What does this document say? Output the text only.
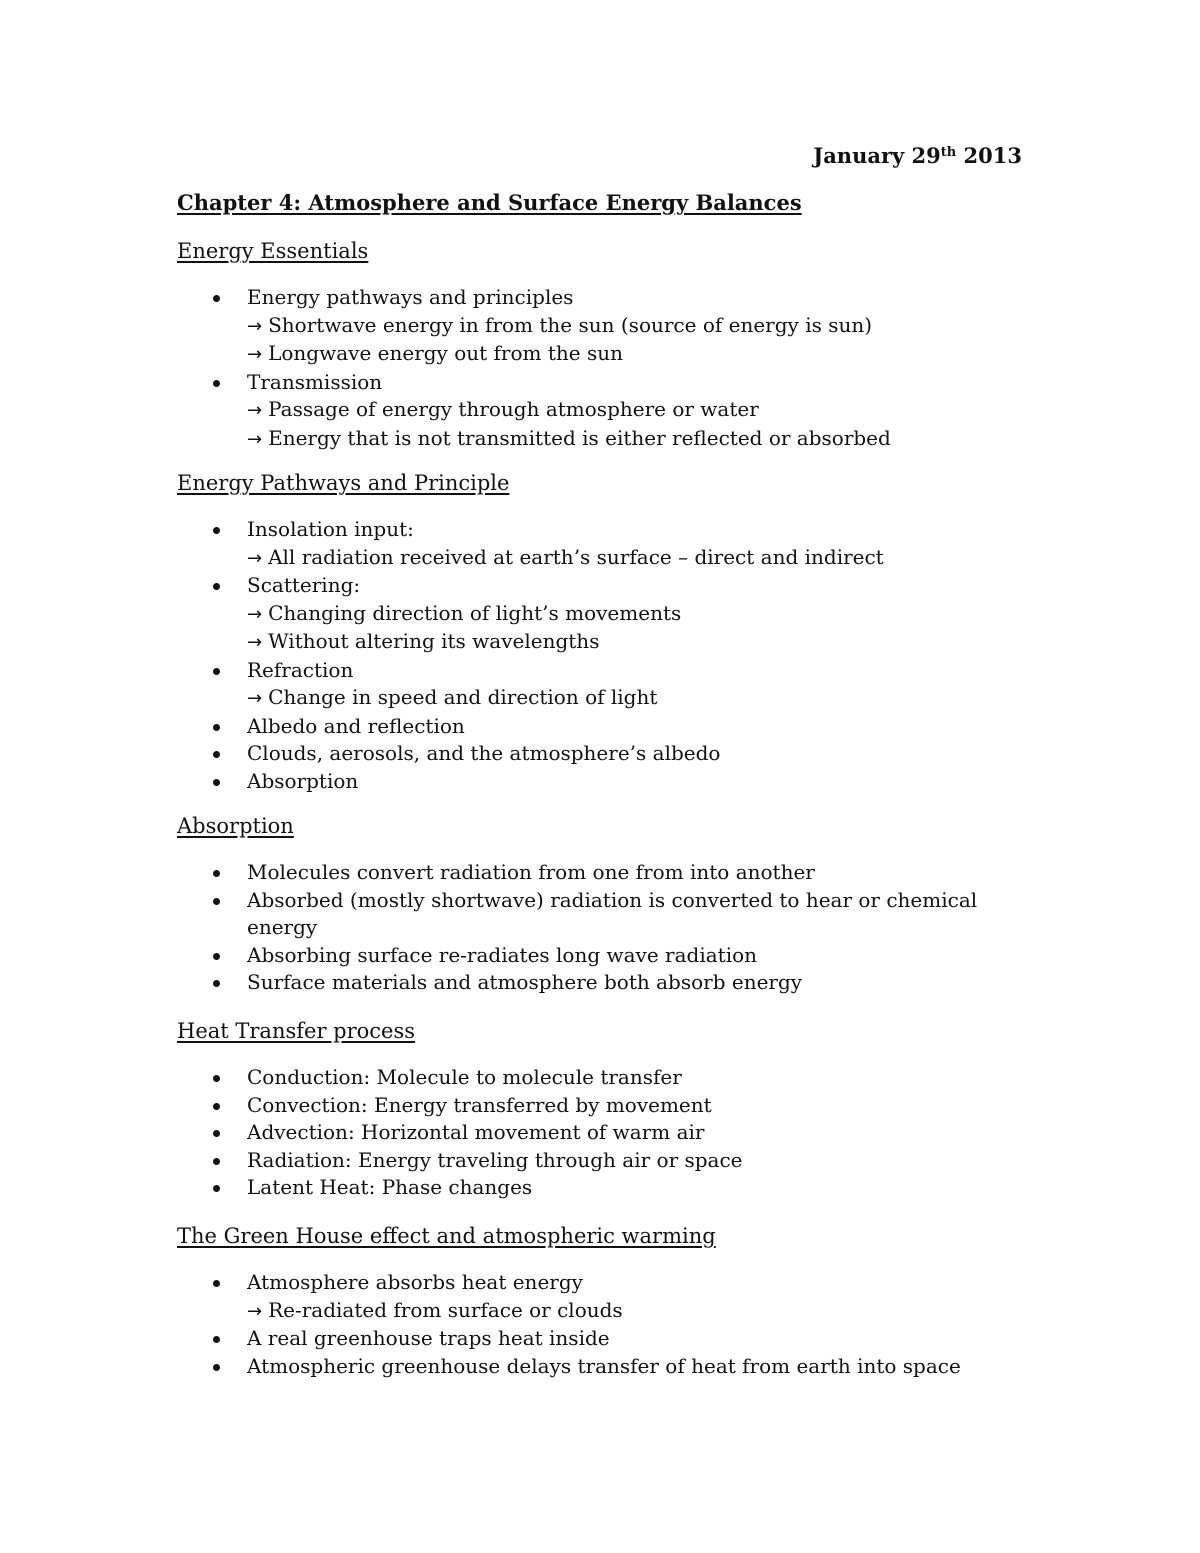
January 29th 2013
Chapter 4: Atmosphere and Surface Energy Balances
Energy Essentials
Energy pathways and principles
→ Shortwave energy in from the sun (source of energy is sun)
→ Longwave energy out from the sun
Transmission
→ Passage of energy through atmosphere or water
→ Energy that is not transmitted is either reflected or absorbed
Energy Pathways and Principle
Insolation input:
→ All radiation received at earth’s surface – direct and indirect
Scattering:
→ Changing direction of light’s movements
→ Without altering its wavelengths
Refraction
→ Change in speed and direction of light
Albedo and reflection
Clouds, aerosols, and the atmosphere’s albedo
Absorption
Absorption
Molecules convert radiation from one from into another
Absorbed (mostly shortwave) radiation is converted to hear or chemical energy
Absorbing surface re-radiates long wave radiation
Surface materials and atmosphere both absorb energy
Heat Transfer process
Conduction: Molecule to molecule transfer
Convection: Energy transferred by movement
Advection: Horizontal movement of warm air
Radiation: Energy traveling through air or space
Latent Heat: Phase changes
The Green House effect and atmospheric warming
Atmosphere absorbs heat energy
→ Re-radiated from surface or clouds
A real greenhouse traps heat inside
Atmospheric greenhouse delays transfer of heat from earth into space
